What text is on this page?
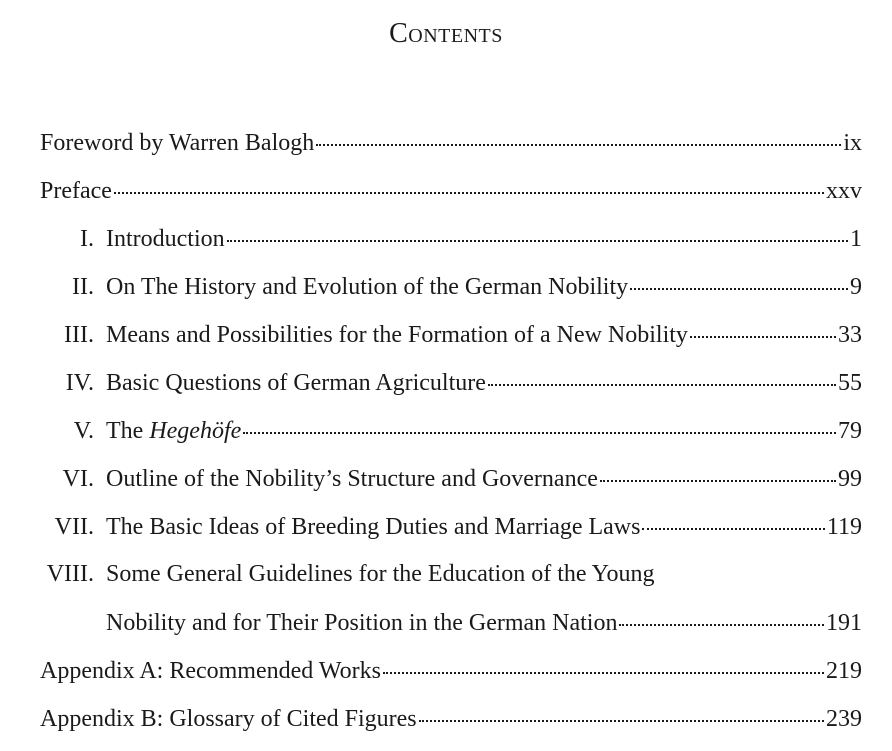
Contents
Foreword by Warren Balogh	ix
Preface	xxv
I. Introduction	1
II. On The History and Evolution of the German Nobility	9
III. Means and Possibilities for the Formation of a New Nobility	33
IV. Basic Questions of German Agriculture	55
V. The Hegehöfe	79
VI. Outline of the Nobility’s Structure and Governance	99
VII. The Basic Ideas of Breeding Duties and Marriage Laws	119
VIII. Some General Guidelines for the Education of the Young
Nobility and for Their Position in the German Nation	191
Appendix A: Recommended Works	219
Appendix B: Glossary of Cited Figures	239
